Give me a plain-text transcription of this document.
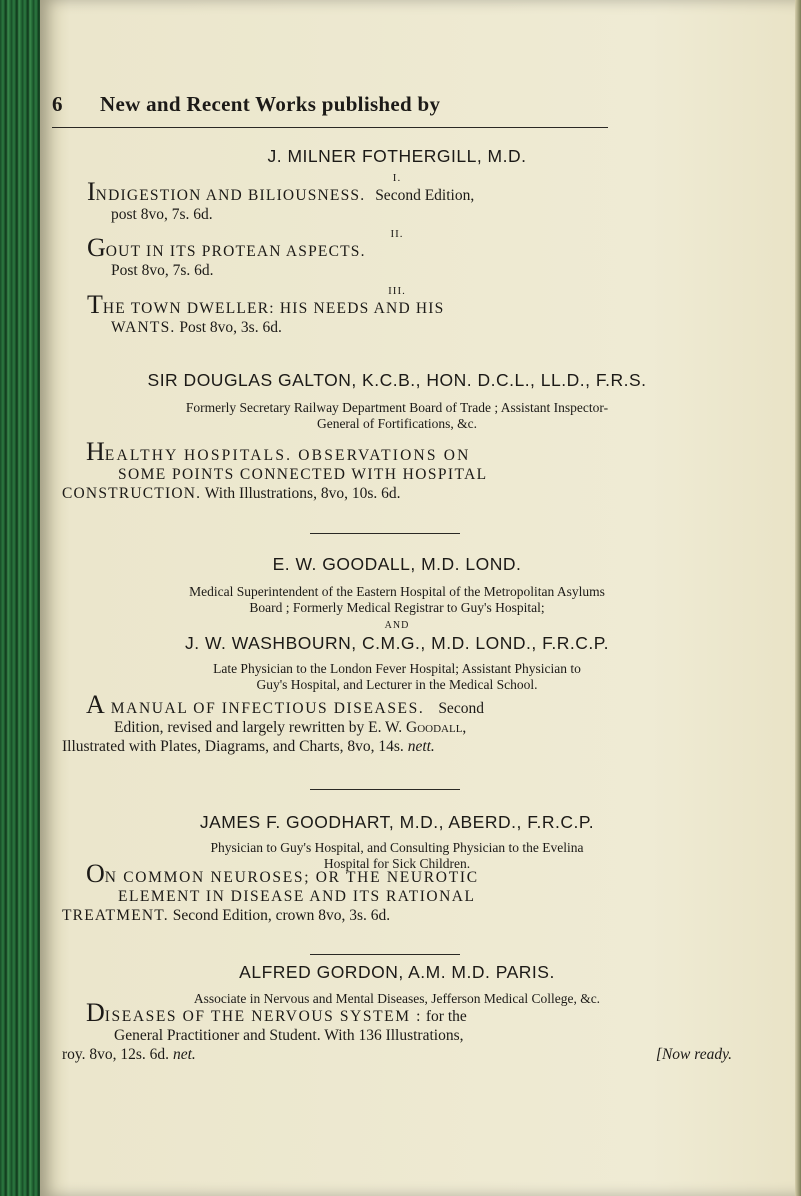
6 New and Recent Works published by
J. MILNER FOTHERGILL, M.D.
I.
INDIGESTION AND BILIOUSNESS. Second Edition,
post 8vo, 7s. 6d.
II.
GOUT IN ITS PROTEAN ASPECTS.
Post 8vo, 7s. 6d.
III.
THE TOWN DWELLER: HIS NEEDS AND HIS
WANTS. Post 8vo, 3s. 6d.
SIR DOUGLAS GALTON, K.C.B., HON. D.C.L., LL.D., F.R.S.
Formerly Secretary Railway Department Board of Trade ; Assistant Inspector-
General of Fortifications, &c.
HEALTHY HOSPITALS. OBSERVATIONS ON
SOME POINTS CONNECTED WITH HOSPITAL
CONSTRUCTION. With Illustrations, 8vo, 10s. 6d.
E. W. GOODALL, M.D. LOND.
Medical Superintendent of the Eastern Hospital of the Metropolitan Asylums
Board ; Formerly Medical Registrar to Guy's Hospital;
AND
J. W. WASHBOURN, C.M.G., M.D. LOND., F.R.C.P.
Late Physician to the London Fever Hospital; Assistant Physician to
Guy's Hospital, and Lecturer in the Medical School.
AMANUAL OF INFECTIOUS DISEASES. Second
Edition, revised and largely rewritten by E. W. Goodall,
Illustrated with Plates, Diagrams, and Charts, 8vo, 14s. nett.
JAMES F. GOODHART, M.D., ABERD., F.R.C.P.
Physician to Guy's Hospital, and Consulting Physician to the Evelina
Hospital for Sick Children.
ON COMMON NEUROSES; OR THE NEUROTIC
ELEMENT IN DISEASE AND ITS RATIONAL
TREATMENT. Second Edition, crown 8vo, 3s. 6d.
ALFRED GORDON, A.M. M.D. PARIS.
Associate in Nervous and Mental Diseases, Jefferson Medical College, &c.
DISEASES OF THE NERVOUS SYSTEM : for the
General Practitioner and Student. With 136 Illustrations,
roy. 8vo, 12s. 6d. net.	[Now ready.
